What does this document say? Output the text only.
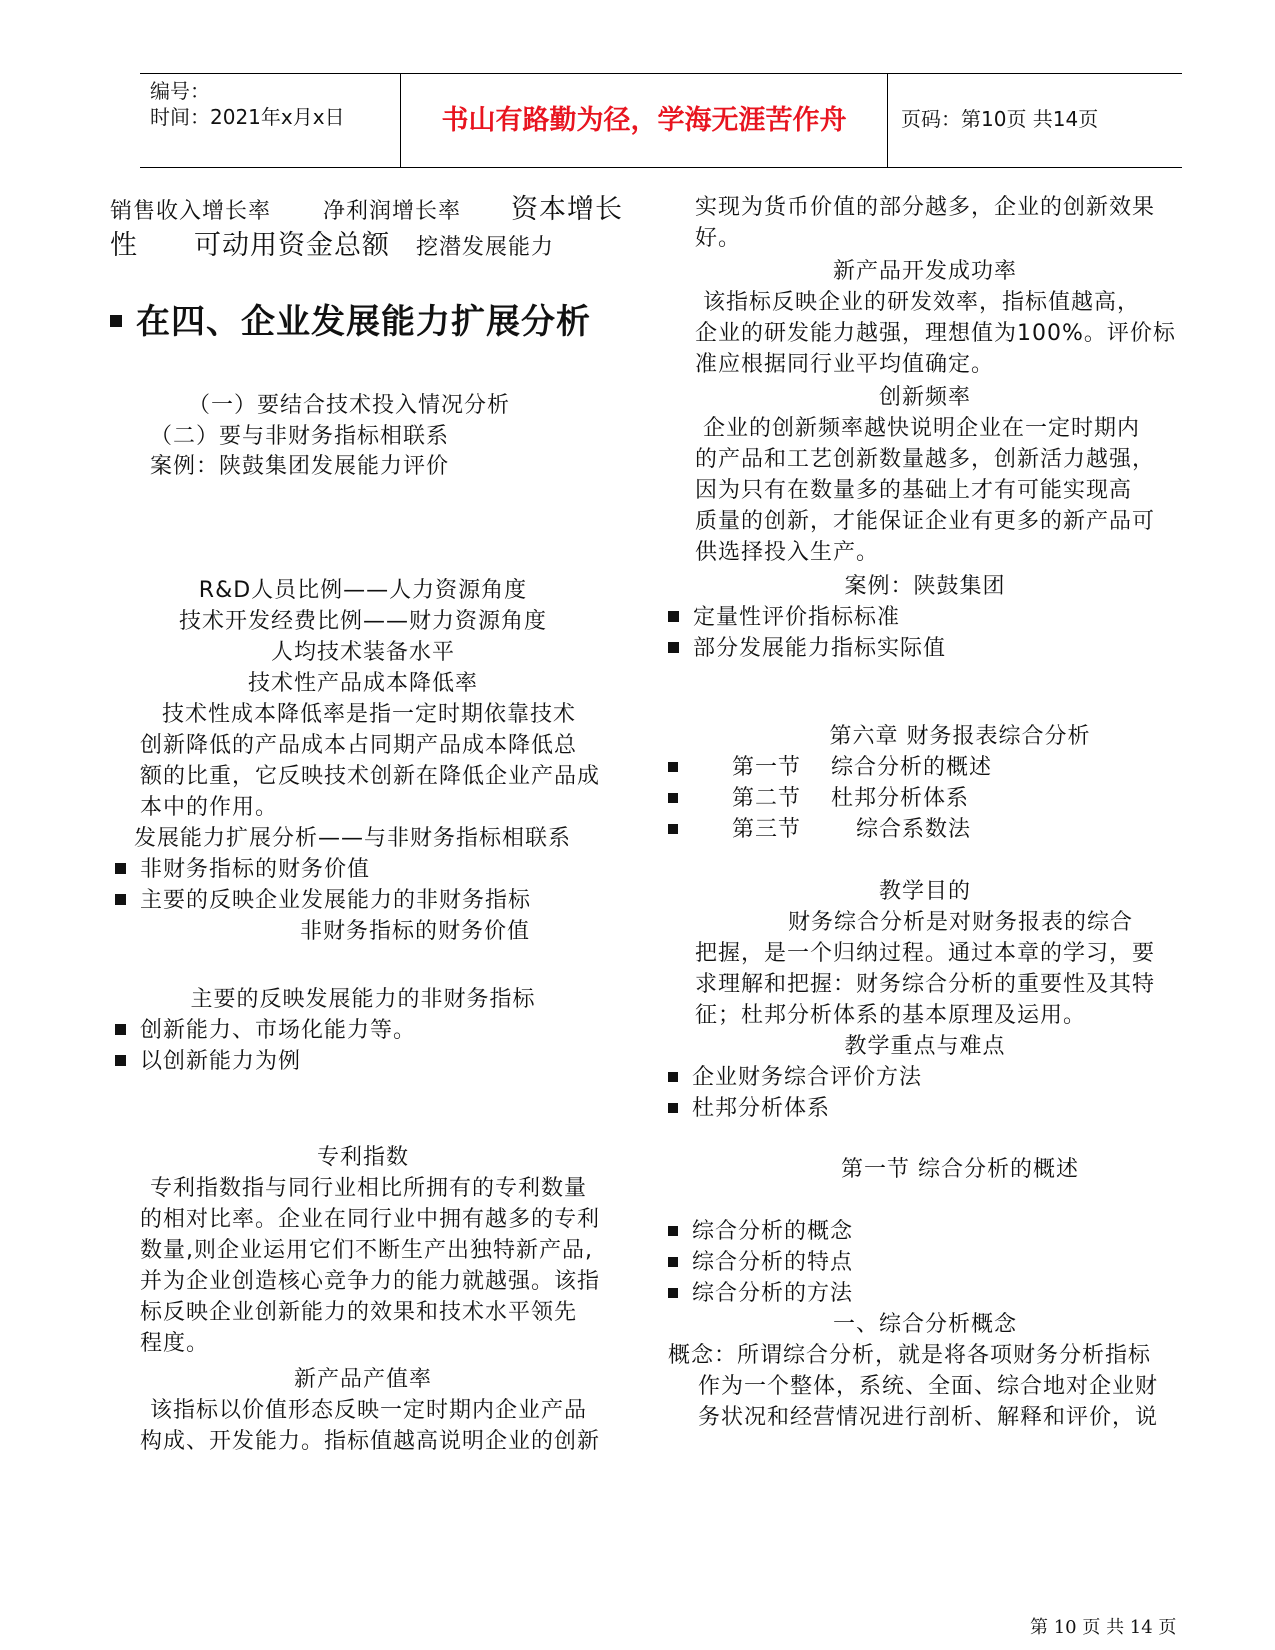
编号：
时间：2021年x月x日	书山有路勤为径，学海无涯苦作舟	页码：第10页 共14页
销售收入增长率 净利润增长率 资本增长
性 可动用资金总额 挖潜发展能力
在四、企业发展能力扩展分析
（一）要结合技术投入情况分析
（二）要与非财务指标相联系
案例：陕鼓集团发展能力评价
R&D人员比例——人力资源角度
技术开发经费比例——财力资源角度
人均技术装备水平
技术性产品成本降低率
技术性成本降低率是指一定时期依靠技术
创新降低的产品成本占同期产品成本降低总
额的比重，它反映技术创新在降低企业产品成
本中的作用。
发展能力扩展分析——与非财务指标相联系
非财务指标的财务价值
主要的反映企业发展能力的非财务指标
非财务指标的财务价值
主要的反映发展能力的非财务指标
创新能力、市场化能力等。
以创新能力为例
专利指数
专利指数指与同行业相比所拥有的专利数量
的相对比率。企业在同行业中拥有越多的专利
数量,则企业运用它们不断生产出独特新产品,
并为企业创造核心竞争力的能力就越强。该指
标反映企业创新能力的效果和技术水平领先
程度。
新产品产值率
该指标以价值形态反映一定时期内企业产品
构成、开发能力。指标值越高说明企业的创新
实现为货币价值的部分越多，企业的创新效果
好。
新产品开发成功率
该指标反映企业的研发效率，指标值越高，
企业的研发能力越强，理想值为100%。评价标
准应根据同行业平均值确定。
创新频率
企业的创新频率越快说明企业在一定时期内
的产品和工艺创新数量越多，创新活力越强，
因为只有在数量多的基础上才有可能实现高
质量的创新，才能保证企业有更多的新产品可
供选择投入生产。
案例：陕鼓集团
定量性评价指标标准
部分发展能力指标实际值
第六章 财务报表综合分析
第一节 综合分析的概述
第二节 杜邦分析体系
第三节	综合系数法
教学目的
财务综合分析是对财务报表的综合
把握，是一个归纳过程。通过本章的学习，要
求理解和把握：财务综合分析的重要性及其特
征；杜邦分析体系的基本原理及运用。
教学重点与难点
企业财务综合评价方法
杜邦分析体系
第一节 综合分析的概述
综合分析的概念
综合分析的特点
综合分析的方法
一、综合分析概念
概念：所谓综合分析，就是将各项财务分析指标
作为一个整体，系统、全面、综合地对企业财
务状况和经营情况进行剖析、解释和评价，说
第 10 页 共 14 页
